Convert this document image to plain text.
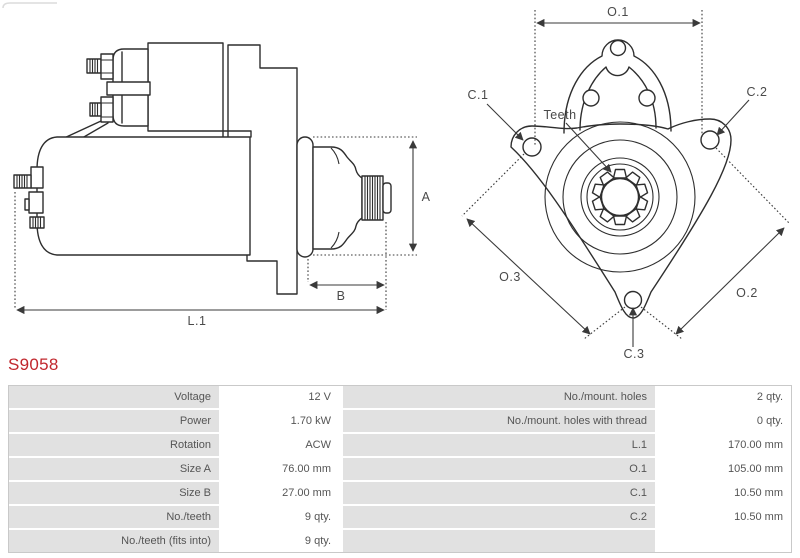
A
B
L.1
O.1
C.1	C.2
Teeth
O.3
O.2
C.3
S9058
Voltage	12 V	No./mount. holes	2 qty.
Power	1.70 kW	No./mount. holes with thread	0 qty.
Rotation	ACW	L.1	170.00 mm
Size A	76.00 mm	O.1	105.00 mm
Size B	27.00 mm	C.1	10.50 mm
No./teeth	9 qty.	C.2	10.50 mm
No./teeth (fits into)	9 qty.
